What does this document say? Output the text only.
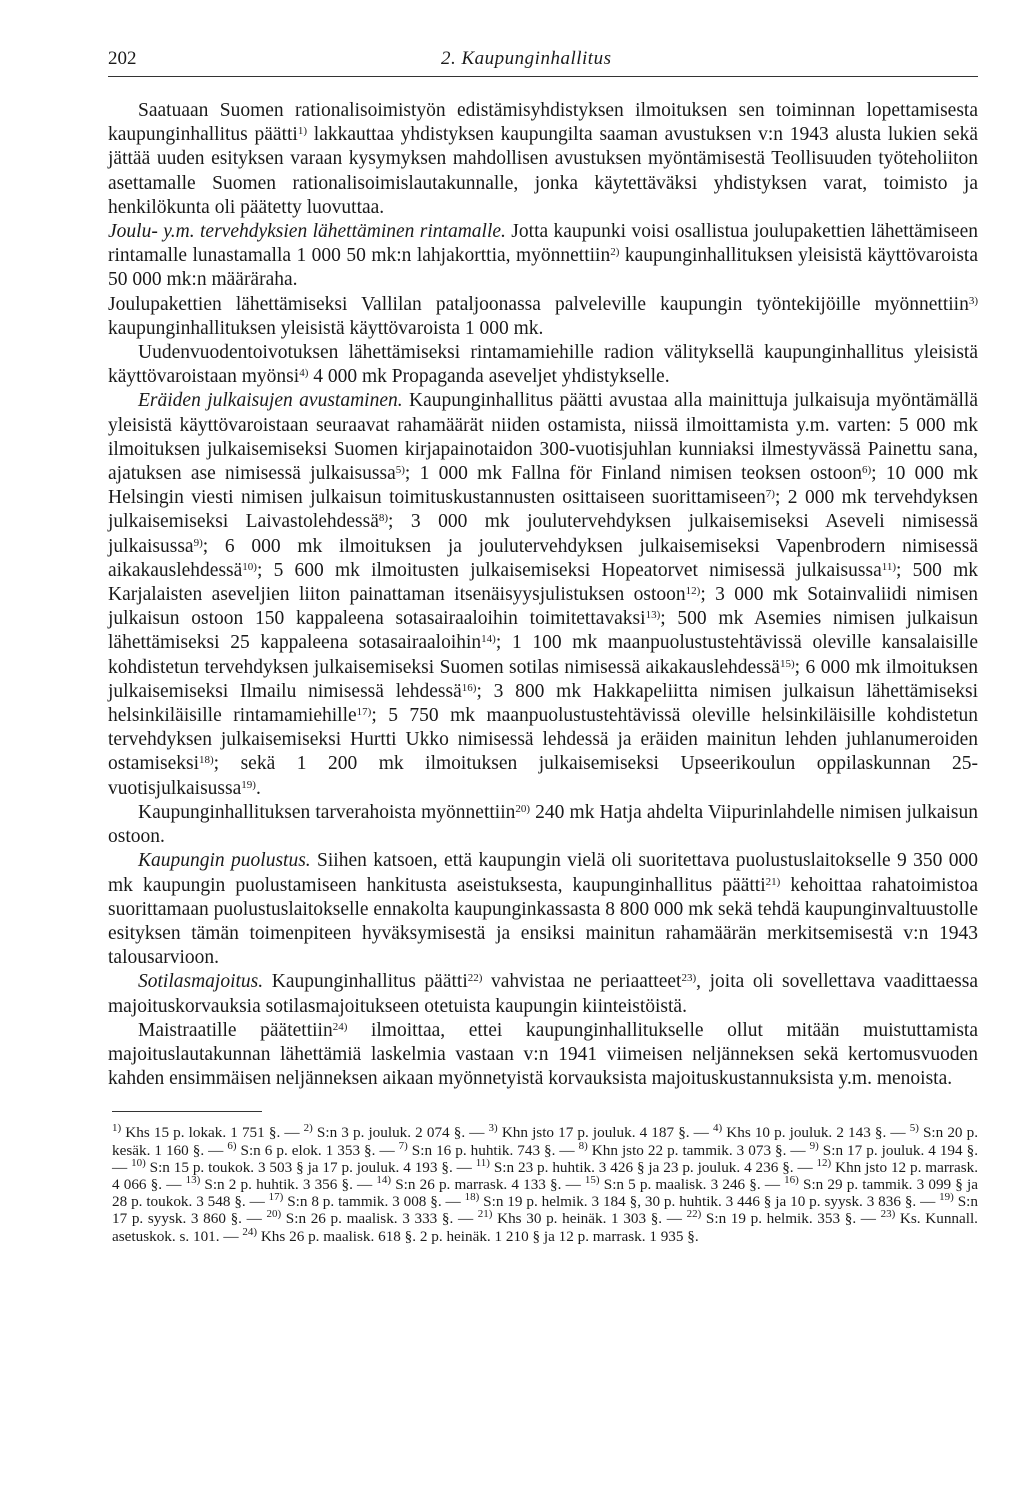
202	2. Kaupunginhallitus

Saatuaan Suomen rationalisoimistyön edistämisyhdistyksen ilmoituksen sen toiminnan lopettamisesta kaupunginhallitus päätti$^{1)}$ lakkauttaa yhdistyksen kaupungilta saaman avustuksen v:n 1943 alusta lukien sekä jättää uuden esityksen varaan kysymyksen mahdollisen avustuksen myöntämisestä Teollisuuden työteholiiton asettamalle Suomen rationalisoimislautakunnalle, jonka käytettäväksi yhdistyksen varat, toimisto ja henkilökunta oli päätetty luovuttaa.

Joulu- y.m. tervehdyksien lähettäminen rintamalle. Jotta kaupunki voisi osallistua joulupakettien lähettämiseen rintamalle lunastamalla 1 000 50 mk:n lahjakorttia, myönnettiin$^{2)}$ kaupunginhallituksen yleisistä käyttövaroista 50 000 mk:n määräraha.

Joulupakettien lähettämiseksi Vallilan pataljoonassa palveleville kaupungin työntekijöille myönnettiin$^{3)}$ kaupunginhallituksen yleisistä käyttövaroista 1 000 mk.

Uudenvuodentoivotuksen lähettämiseksi rintamamiehille radion välityksellä kaupunginhallitus yleisistä käyttövaroistaan myönsi$^{4)}$ 4 000 mk Propaganda aseveljet yhdistykselle.

Eräiden julkaisujen avustaminen. Kaupunginhallitus päätti avustaa alla mainittuja julkaisuja myöntämällä yleisistä käyttövaroistaan seuraavat rahamäärät niiden ostamista, niissä ilmoittamista y.m. varten: 5 000 mk ilmoituksen julkaisemiseksi Suomen kirjapainotaidon 300-vuotisjuhlan kunniaksi ilmestyvässä Painettu sana, ajatuksen ase nimisessä julkaisussa$^{5)}$; 1 000 mk Fallna för Finland nimisen teoksen ostoon$^{6)}$; 10 000 mk Helsingin viesti nimisen julkaisun toimituskustannusten osittaiseen suorittamiseen$^{7)}$; 2 000 mk tervehdyksen julkaisemiseksi Laivastolehdessä$^{8)}$; 3 000 mk joulutervehdyksen julkaisemiseksi Aseveli nimisessä julkaisussa$^{9)}$; 6 000 mk ilmoituksen ja joulutervehdyksen julkaisemiseksi Vapenbrodern nimisessä aikakauslehdessä$^{10)}$; 5 600 mk ilmoitusten julkaisemiseksi Hopeatorvet nimisessä julkaisussa$^{11)}$; 500 mk Karjalaisten aseveljien liiton painattaman itsenäisyysjulistuksen ostoon$^{12)}$; 3 000 mk Sotainvaliidi nimisen julkaisun ostoon 150 kappaleena sotasairaaloihin toimitettavaksi$^{13)}$; 500 mk Asemies nimisen julkaisun lähettämiseksi 25 kappaleena sotasairaaloihin$^{14)}$; 1 100 mk maanpuolustustehtävissä oleville kansalaisille kohdistetun tervehdyksen julkaisemiseksi Suomen sotilas nimisessä aikakauslehdessä$^{15)}$; 6 000 mk ilmoituksen julkaisemiseksi Ilmailu nimisessä lehdessä$^{16)}$; 3 800 mk Hakkapeliitta nimisen julkaisun lähettämiseksi helsinkiläisille rintamamiehille$^{17)}$; 5 750 mk maanpuolustustehtävissä oleville helsinkiläisille kohdistetun tervehdyksen julkaisemiseksi Hurtti Ukko nimisessä lehdessä ja eräiden mainitun lehden juhlanumeroiden ostamiseksi$^{18)}$; sekä 1 200 mk ilmoituksen julkaisemiseksi Upseerikoulun oppilaskunnan 25-vuotisjulkaisussa$^{19)}$.

Kaupunginhallituksen tarverahoista myönnettiin$^{20)}$ 240 mk Hatja ahdelta Viipurinlahdelle nimisen julkaisun ostoon.

Kaupungin puolustus. Siihen katsoen, että kaupungin vielä oli suoritettava puolustuslaitokselle 9 350 000 mk kaupungin puolustamiseen hankitusta aseistuksesta, kaupunginhallitus päätti$^{21)}$ kehoittaa rahatoimistoa suorittamaan puolustuslaitokselle ennakolta kaupunginkassasta 8 800 000 mk sekä tehdä kaupunginvaltuustolle esityksen tämän toimenpiteen hyväksymisestä ja ensiksi mainitun rahamäärän merkitsemisestä v:n 1943 talousarvioon.

Sotilasmajoitus. Kaupunginhallitus päätti$^{22)}$ vahvistaa ne periaatteet$^{23)}$, joita oli sovellettava vaadittaessa majoituskorvauksia sotilasmajoitukseen otetuista kaupungin kiinteistöistä.

Maistraatille päätettiin$^{24)}$ ilmoittaa, ettei kaupunginhallitukselle ollut mitään muistuttamista majoituslautakunnan lähettämiä laskelmia vastaan v:n 1941 viimeisen neljänneksen sekä kertomusvuoden kahden ensimmäisen neljänneksen aikaan myönnetyistä korvauksista majoituskustannuksista y.m. menoista.

$^{1)}$ Khs 15 p. lokak. 1 751 §. — $^{2)}$ S:n 3 p. jouluk. 2 074 §. — $^{3)}$ Khn jsto 17 p. jouluk. 4 187 §. — $^{4)}$ Khs 10 p. jouluk. 2 143 §. — $^{5)}$ S:n 20 p. kesäk. 1 160 §. — $^{6)}$ S:n 6 p. elok. 1 353 §. — $^{7)}$ S:n 16 p. huhtik. 743 §. — $^{8)}$ Khn jsto 22 p. tammik. 3 073 §. — $^{9)}$ S:n 17 p. jouluk. 4 194 §. — $^{10)}$ S:n 15 p. toukok. 3 503 § ja 17 p. jouluk. 4 193 §. — $^{11)}$ S:n 23 p. huhtik. 3 426 § ja 23 p. jouluk. 4 236 §. — $^{12)}$ Khn jsto 12 p. marrask. 4 066 §. — $^{13)}$ S:n 2 p. huhtik. 3 356 §. — $^{14)}$ S:n 26 p. marrask. 4 133 §. — $^{15)}$ S:n 5 p. maalisk. 3 246 §. — $^{16)}$ S:n 29 p. tammik. 3 099 § ja 28 p. toukok. 3 548 §. — $^{17)}$ S:n 8 p. tammik. 3 008 §. — $^{18)}$ S:n 19 p. helmik. 3 184 §, 30 p. huhtik. 3 446 § ja 10 p. syysk. 3 836 §. — $^{19)}$ S:n 17 p. syysk. 3 860 §. — $^{20)}$ S:n 26 p. maalisk. 3 333 §. — $^{21)}$ Khs 30 p. heinäk. 1 303 §. — $^{22)}$ S:n 19 p. helmik. 353 §. — $^{23)}$ Ks. Kunnall. asetuskok. s. 101. — $^{24)}$ Khs 26 p. maalisk. 618 §. 2 p. heinäk. 1 210 § ja 12 p. marrask. 1 935 §.
